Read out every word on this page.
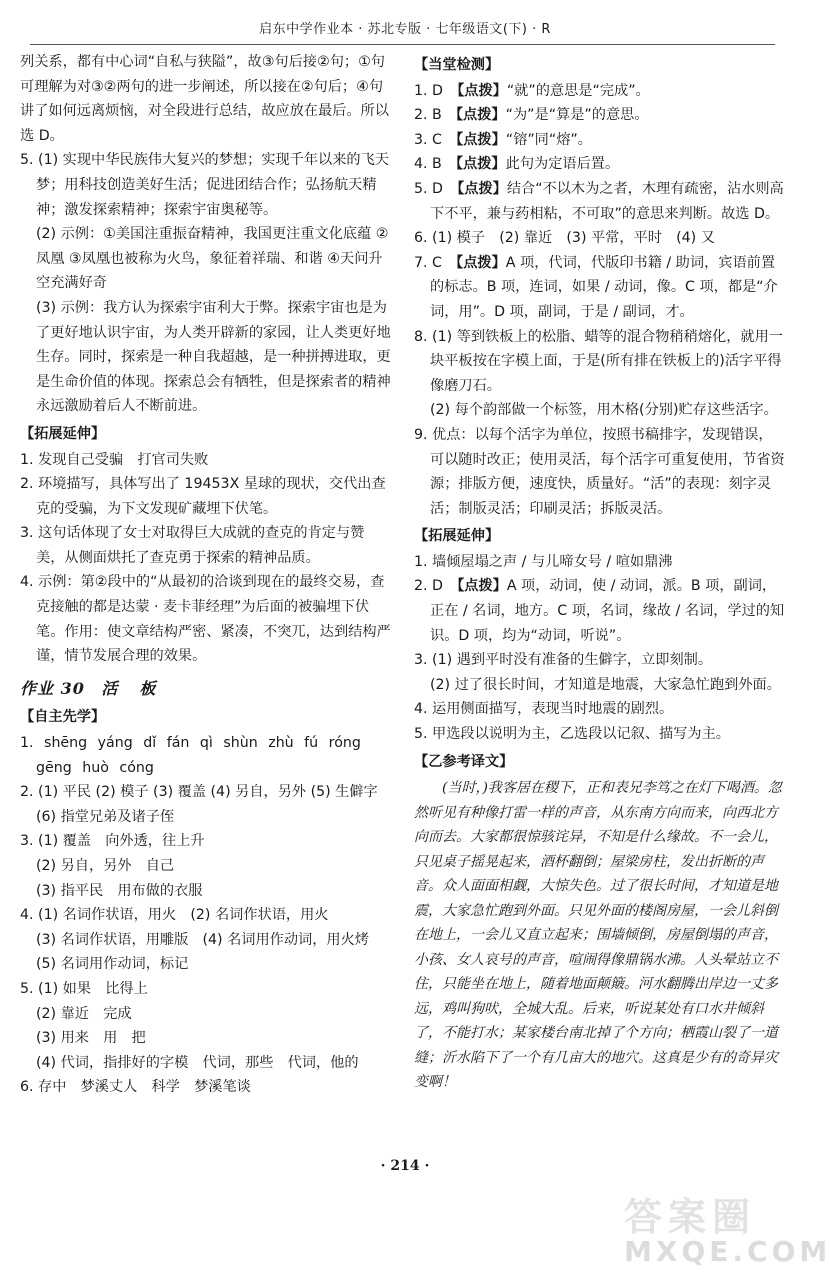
启东中学作业本 · 苏北专版 · 七年级语文(下) · R

列关系，都有中心词“自私与狭隘”，故③句后接②句；①句可理解为对③②两句的进一步阐述，所以接在②句后；④句讲了如何远离烦恼，对全段进行总结，故应放在最后。所以选 D。

5. (1) 实现中华民族伟大复兴的梦想；实现千年以来的飞天梦；用科技创造美好生活；促进团结合作；弘扬航天精神；激发探索精神；探索宇宙奥秘等。

(2) 示例：①美国注重振奋精神，我国更注重文化底蕴 ②凤凰 ③凤凰也被称为火鸟，象征着祥瑞、和谐 ④天问升空充满好奇

(3) 示例：我方认为探索宇宙利大于弊。探索宇宙也是为了更好地认识宇宙，为人类开辟新的家园，让人类更好地生存。同时，探索是一种自我超越，是一种拼搏进取，更是生命价值的体现。探索总会有牺牲，但是探索者的精神永远激励着后人不断前进。

【拓展延伸】

1. 发现自己受骗　打官司失败

2. 环境描写，具体写出了 19453X 星球的现状，交代出查克的受骗，为下文发现矿藏埋下伏笔。

3. 这句话体现了女士对取得巨大成就的查克的肯定与赞美，从侧面烘托了查克勇于探索的精神品质。

4. 示例：第②段中的“从最初的洽谈到现在的最终交易，查克接触的都是达蒙 · 麦卡菲经理”为后面的被骗埋下伏笔。作用：使文章结构严密、紧凑，不突兀，达到结构严谨，情节发展合理的效果。

作业 30 活板
【自主先学】

1. shēng yáng dǐ fán qì shùn zhù fú róng gēng huò cóng

2. (1) 平民 (2) 模子 (3) 覆盖 (4) 另自，另外 (5) 生僻字 (6) 指堂兄弟及诸子侄

3. (1) 覆盖　向外透，往上升

(2) 另自，另外　自己

(3) 指平民　用布做的衣服

4. (1) 名词作状语，用火　(2) 名词作状语，用火

(3) 名词作状语，用雕版　(4) 名词用作动词，用火烤

(5) 名词用作动词，标记

5. (1) 如果　比得上

(2) 靠近　完成

(3) 用来　用　把

(4) 代词，指排好的字模　代词，那些　代词，他的

6. 存中　梦溪丈人　科学　梦溪笔谈

【当堂检测】

1. D　【点拨】“就”的意思是“完成”。

2. B　【点拨】“为”是“算是”的意思。

3. C　【点拨】“镕”同“熔”。

4. B　【点拨】此句为定语后置。

5. D　【点拨】结合“不以木为之者，木理有疏密，沾水则高下不平，兼与药相粘，不可取”的意思来判断。故选 D。

6. (1) 模子　(2) 靠近　(3) 平常，平时　(4) 又

7. C　【点拨】A 项，代词，代版印书籍 / 助词，宾语前置的标志。B 项，连词，如果 / 动词，像。C 项，都是“介词，用”。D 项，副词，于是 / 副词，才。

8. (1) 等到铁板上的松脂、蜡等的混合物稍稍熔化，就用一块平板按在字模上面，于是(所有排在铁板上的)活字平得像磨刀石。

(2) 每个韵部做一个标签，用木格(分别)贮存这些活字。

9. 优点：以每个活字为单位，按照书稿排字，发现错误，可以随时改正；使用灵活，每个活字可重复使用，节省资源；排版方便，速度快，质量好。“活”的表现：刻字灵活；制版灵活；印刷灵活；拆版灵活。

【拓展延伸】

1. 墙倾屋塌之声 / 与儿啼女号 / 喧如鼎沸

2. D　【点拨】A 项，动词，使 / 动词，派。B 项，副词，正在 / 名词，地方。C 项，名词，缘故 / 名词，学过的知识。D 项，均为“动词，听说”。

3. (1) 遇到平时没有准备的生僻字，立即刻制。

(2) 过了很长时间，才知道是地震，大家急忙跑到外面。

4. 运用侧面描写，表现当时地震的剧烈。

5. 甲选段以说明为主，乙选段以记叙、描写为主。

【乙参考译文】

(当时，)我客居在稷下，正和表兄李笃之在灯下喝酒。忽然听见有种像打雷一样的声音，从东南方向而来，向西北方向而去。大家都很惊骇诧异，不知是什么缘故。不一会儿，只见桌子摇晃起来，酒杯翻倒；屋梁房柱，发出折断的声音。众人面面相觑，大惊失色。过了很长时间，才知道是地震，大家急忙跑到外面。只见外面的楼阁房屋，一会儿斜倒在地上，一会儿又直立起来；围墙倾倒，房屋倒塌的声音，小孩、女人哀号的声音，喧闹得像鼎锅水沸。人头晕站立不住，只能坐在地上，随着地面颠簸。河水翻腾出岸边一丈多远，鸡叫狗吠，全城大乱。后来，听说某处有口水井倾斜了，不能打水；某家楼台南北掉了个方向；栖霞山裂了一道缝；沂水陷下了一个有几亩大的地穴。这真是少有的奇异灾变啊！

· 214 ·
答案圈
MXQE.COM
